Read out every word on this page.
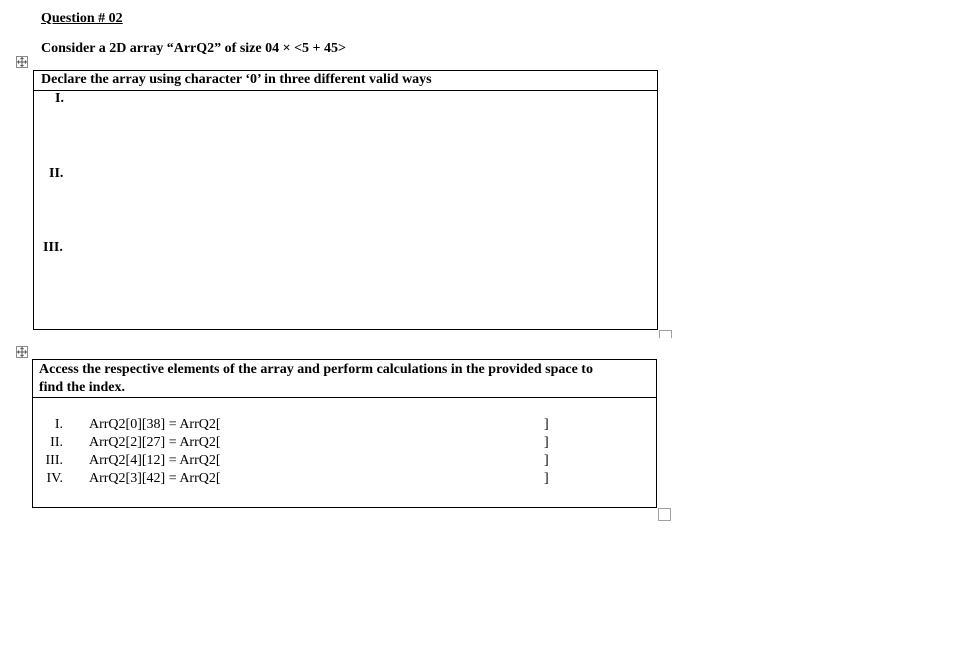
Question # 02
Consider a 2D array “ArrQ2” of size 04 × <5 + 45>
Declare the array using character ‘0’ in three different valid ways
I.
II.
III.
Access the respective elements of the array and perform calculations in the provided space to find the index.
I. ArrQ2[0][38] = ArrQ2[	]
II. ArrQ2[2][27] = ArrQ2[	]
III. ArrQ2[4][12] = ArrQ2[	]
IV. ArrQ2[3][42] = ArrQ2[	]
